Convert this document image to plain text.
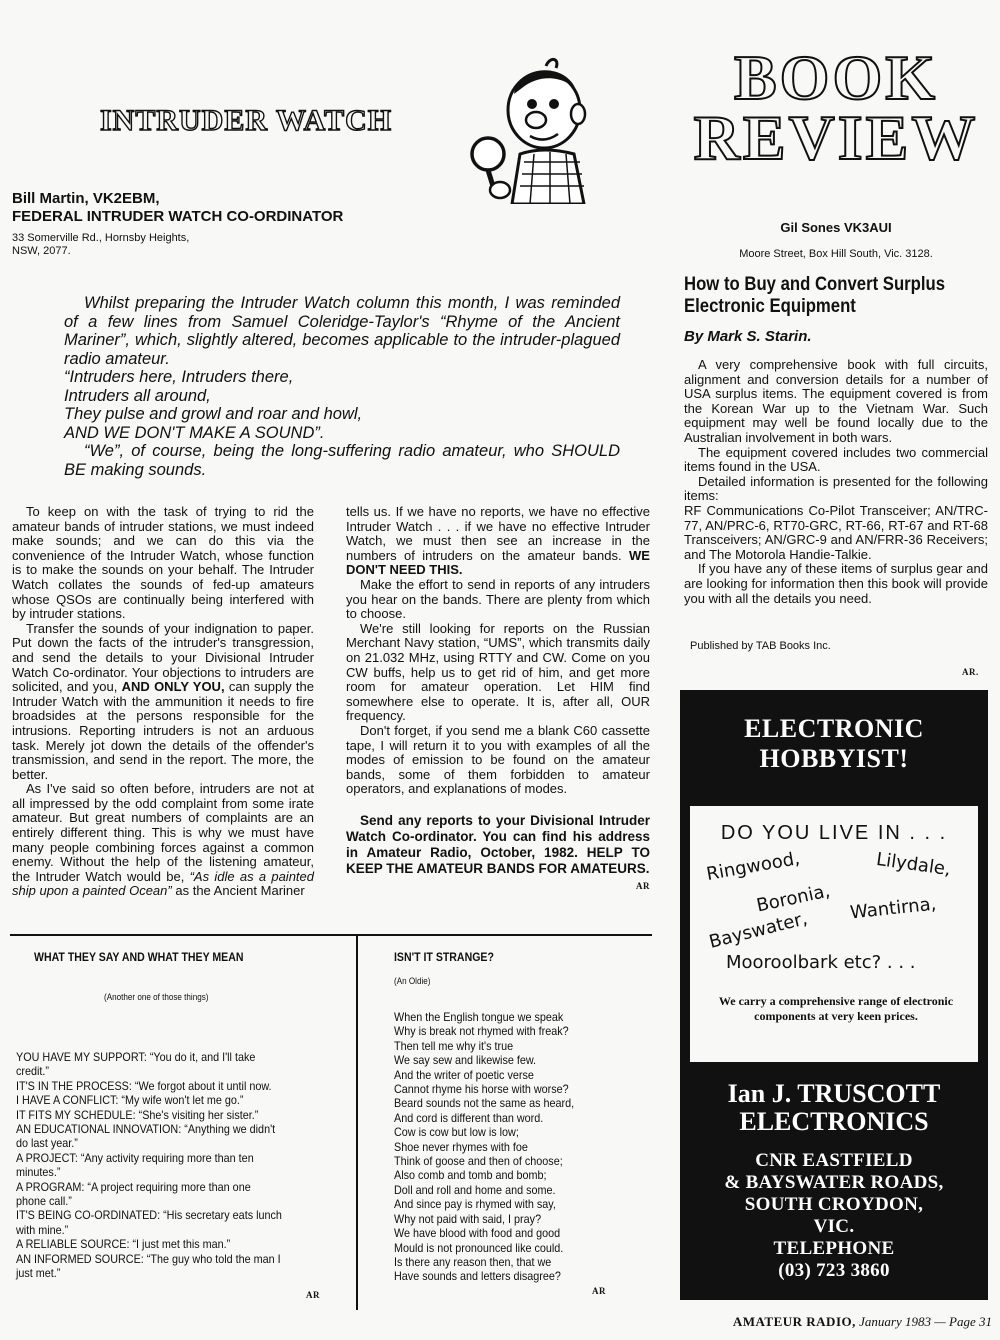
INTRUDER WATCH
Bill Martin, VK2EBM,
FEDERAL INTRUDER WATCH CO-ORDINATOR
33 Somerville Rd., Hornsby Heights,
NSW, 2077.

Whilst preparing the Intruder Watch column this month, I was reminded of a few lines from Samuel Coleridge-Taylor's “Rhyme of the Ancient Mariner”, which, slightly altered, becomes applicable to the intruder-plagued radio amateur.

“Intruders here, Intruders there,

Intruders all around,

They pulse and growl and roar and howl,

AND WE DON'T MAKE A SOUND”.

“We”, of course, being the long-suffering radio amateur, who SHOULD BE making sounds.

To keep on with the task of trying to rid the amateur bands of intruder stations, we must indeed make sounds; and we can do this via the convenience of the Intruder Watch, whose function is to make the sounds on your behalf. The Intruder Watch collates the sounds of fed-up amateurs whose QSOs are continually being interfered with by intruder stations.

Transfer the sounds of your indignation to paper. Put down the facts of the intruder's transgression, and send the details to your Divisional Intruder Watch Co-ordinator. Your objections to intruders are solicited, and you, AND ONLY YOU, can supply the Intruder Watch with the ammunition it needs to fire broadsides at the persons responsible for the intrusions. Reporting intruders is not an arduous task. Merely jot down the details of the offender's transmission, and send in the report. The more, the better.

As I've said so often before, intruders are not at all impressed by the odd complaint from some irate amateur. But great numbers of complaints are an entirely different thing. This is why we must have many people combining forces against a common enemy. Without the help of the listening amateur, the Intruder Watch would be, “As idle as a painted ship upon a painted Ocean” as the Ancient Mariner

tells us. If we have no reports, we have no effective Intruder Watch . . . if we have no effective Intruder Watch, we must then see an increase in the numbers of intruders on the amateur bands. WE DON'T NEED THIS.

Make the effort to send in reports of any intruders you hear on the bands. There are plenty from which to choose.

We're still looking for reports on the Russian Merchant Navy station, “UMS”, which transmits daily on 21.032 MHz, using RTTY and CW. Come on you CW buffs, help us to get rid of him, and get more room for amateur operation. Let HIM find somewhere else to operate. It is, after all, OUR frequency.

Don't forget, if you send me a blank C60 cassette tape, I will return it to you with examples of all the modes of emission to be found on the amateur bands, some of them forbidden to amateur operators, and explanations of modes.

Send any reports to your Divisional Intruder Watch Co-ordinator. You can find his address in Amateur Radio, October, 1982. HELP TO KEEP THE AMATEUR BANDS FOR AMATEURS.

AR
WHAT THEY SAY AND WHAT THEY MEAN
(Another one of those things)
YOU HAVE MY SUPPORT: “You do it, and I'll take
credit.”
IT'S IN THE PROCESS: “We forgot about it until now.
I HAVE A CONFLICT: “My wife won't let me go.”
IT FITS MY SCHEDULE: “She's visiting her sister.”
AN EDUCATIONAL INNOVATION: “Anything we didn't
do last year.”
A PROJECT: “Any activity requiring more than ten
minutes.”
A PROGRAM: “A project requiring more than one
phone call.”
IT'S BEING CO-ORDINATED: “His secretary eats lunch
with mine.”
A RELIABLE SOURCE: “I just met this man.”
AN INFORMED SOURCE: “The guy who told the man I
just met.”
AR
ISN'T IT STRANGE?
(An Oldie)
When the English tongue we speak
Why is break not rhymed with freak?
Then tell me why it's true
We say sew and likewise few.
And the writer of poetic verse
Cannot rhyme his horse with worse?
Beard sounds not the same as heard,
And cord is different than word.
Cow is cow but low is low;
Shoe never rhymes with foe
Think of goose and then of choose;
Also comb and tomb and bomb;
Doll and roll and home and some.
And since pay is rhymed with say,
Why not paid with said, I pray?
We have blood with food and good
Mould is not pronounced like could.
Is there any reason then, that we
Have sounds and letters disagree?
AR
BOOK
REVIEW
Gil Sones VK3AUI
Moore Street, Box Hill South, Vic. 3128.
How to Buy and Convert Surplus
Electronic Equipment
By Mark S. Starin.

A very comprehensive book with full circuits, alignment and conversion details for a number of USA surplus items. The equipment covered is from the Korean War up to the Vietnam War. Such equipment may well be found locally due to the Australian involvement in both wars.

The equipment covered includes two commercial items found in the USA.

Detailed information is presented for the following items:

RF Communications Co-Pilot Transceiver; AN/TRC-77, AN/PRC-6, RT70-GRC, RT-66, RT-67 and RT-68 Transceivers; AN/GRC-9 and AN/FRR-36 Receivers; and The Motorola Handie-Talkie.

If you have any of these items of surplus gear and are looking for information then this book will provide you with all the details you need.

Published by TAB Books Inc.
AR.
ELECTRONIC
HOBBYIST!
DO YOU LIVE IN . . .
Ringwood,	Lilydale,
Boronia, Wantirna,
Bayswater,
Mooroolbark etc? . . .
We carry a comprehensive range of electronic components at very keen prices.
Ian J. TRUSCOTT
ELECTRONICS
CNR EASTFIELD
& BAYSWATER ROADS,
SOUTH CROYDON,
VIC.
TELEPHONE
(03) 723 3860
AMATEUR RADIO, January 1983 — Page 31
